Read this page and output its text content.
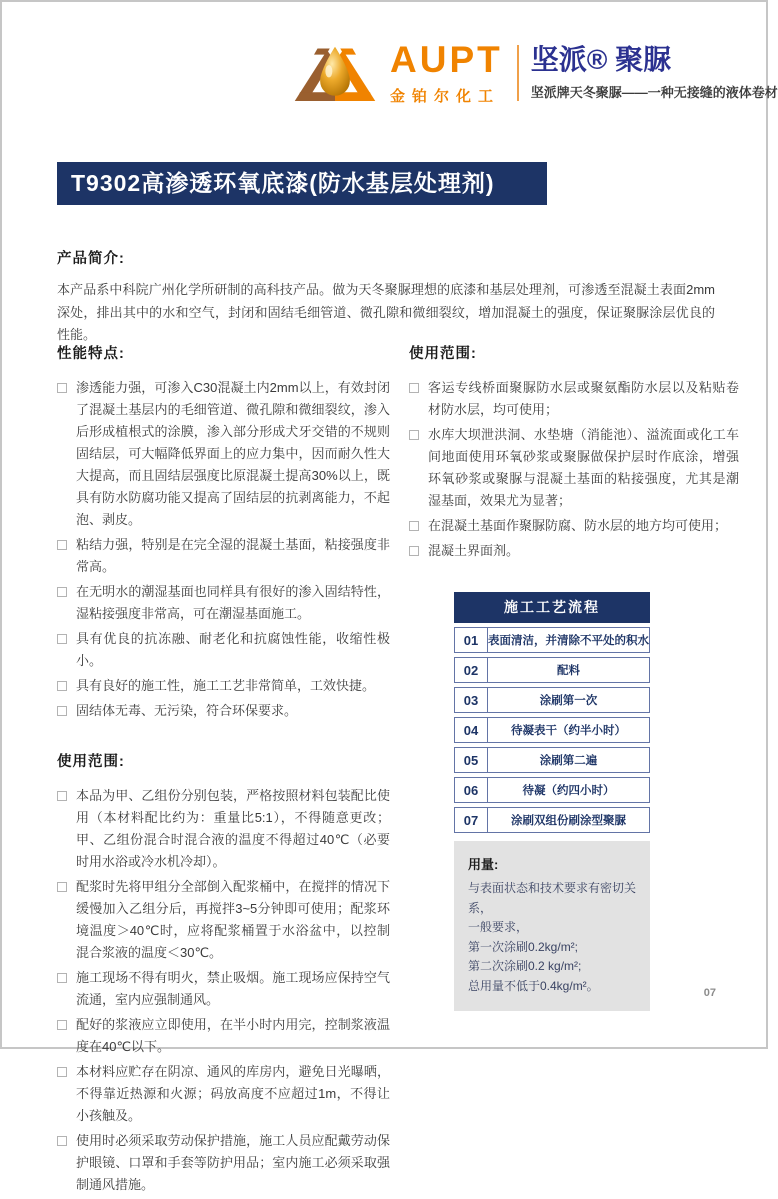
AUPT
金铂尔化工
坚派® 聚脲
坚派牌天冬聚脲——一种无接缝的液体卷材
T9302高渗透环氧底漆(防水基层处理剂)
产品简介:

本产品系中科院广州化学所研制的高科技产品。做为天冬聚脲理想的底漆和基层处理剂，可渗透至混凝土表面2mm深处，排出其中的水和空气，封闭和固结毛细管道、微孔隙和微细裂纹，增加混凝土的强度，保证聚脲涂层优良的性能。

性能特点:
渗透能力强，可渗入C30混凝土内2mm以上，有效封闭了混凝土基层内的毛细管道、微孔隙和微细裂纹，渗入后形成植根式的涂膜，渗入部分形成犬牙交错的不规则固结层，可大幅降低界面上的应力集中，因而耐久性大大提高，而且固结层强度比原混凝土提高30%以上，既具有防水防腐功能又提高了固结层的抗剥离能力，不起泡、剥皮。
粘结力强，特别是在完全湿的混凝土基面，粘接强度非常高。
在无明水的潮湿基面也同样具有很好的渗入固结特性，湿粘接强度非常高，可在潮湿基面施工。
具有优良的抗冻融、耐老化和抗腐蚀性能，收缩性极小。
具有良好的施工性，施工工艺非常简单，工效快捷。
固结体无毒、无污染，符合环保要求。
使用范围:
本品为甲、乙组份分别包装，严格按照材料包装配比使用（本材料配比约为：重量比5:1），不得随意更改；甲、乙组份混合时混合液的温度不得超过40℃（必要时用水浴或冷水机冷却）。
配浆时先将甲组分全部倒入配浆桶中，在搅拌的情况下缓慢加入乙组分后，再搅拌3~5分钟即可使用；配浆环境温度＞40℃时，应将配浆桶置于水浴盆中，以控制混合浆液的温度＜30℃。
施工现场不得有明火，禁止吸烟。施工现场应保持空气流通，室内应强制通风。
配好的浆液应立即使用，在半小时内用完，控制浆液温度在40℃以下。
本材料应贮存在阴凉、通风的库房内，避免日光曝晒，不得靠近热源和火源；码放高度不应超过1m，不得让小孩触及。
使用时必须采取劳动保护措施，施工人员应配戴劳动保护眼镜、口罩和手套等防护用品；室内施工必须采取强制通风措施。
使用范围:
客运专线桥面聚脲防水层或聚氨酯防水层以及粘贴卷材防水层，均可使用；
水库大坝泄洪洞、水垫塘（消能池）、溢流面或化工车间地面使用环氧砂浆或聚脲做保护层时作底涂，增强环氧砂浆或聚脲与混凝土基面的粘接强度，尤其是潮湿基面，效果尤为显著；
在混凝土基面作聚脲防腐、防水层的地方均可使用；
混凝土界面剂。
施工工艺流程
01 表面清洁，并清除不平处的积水
02	配料
03	涂刷第一次
04	待凝表干（约半小时）
05	涂刷第二遍
06	待凝（约四小时）
07	涂刷双组份刷涂型聚脲
用量:
与表面状态和技术要求有密切关系，
一般要求，
第一次涂刷0.2kg/m²;
第二次涂刷0.2 kg/m²;
总用量不低于0.4kg/m²。
07
